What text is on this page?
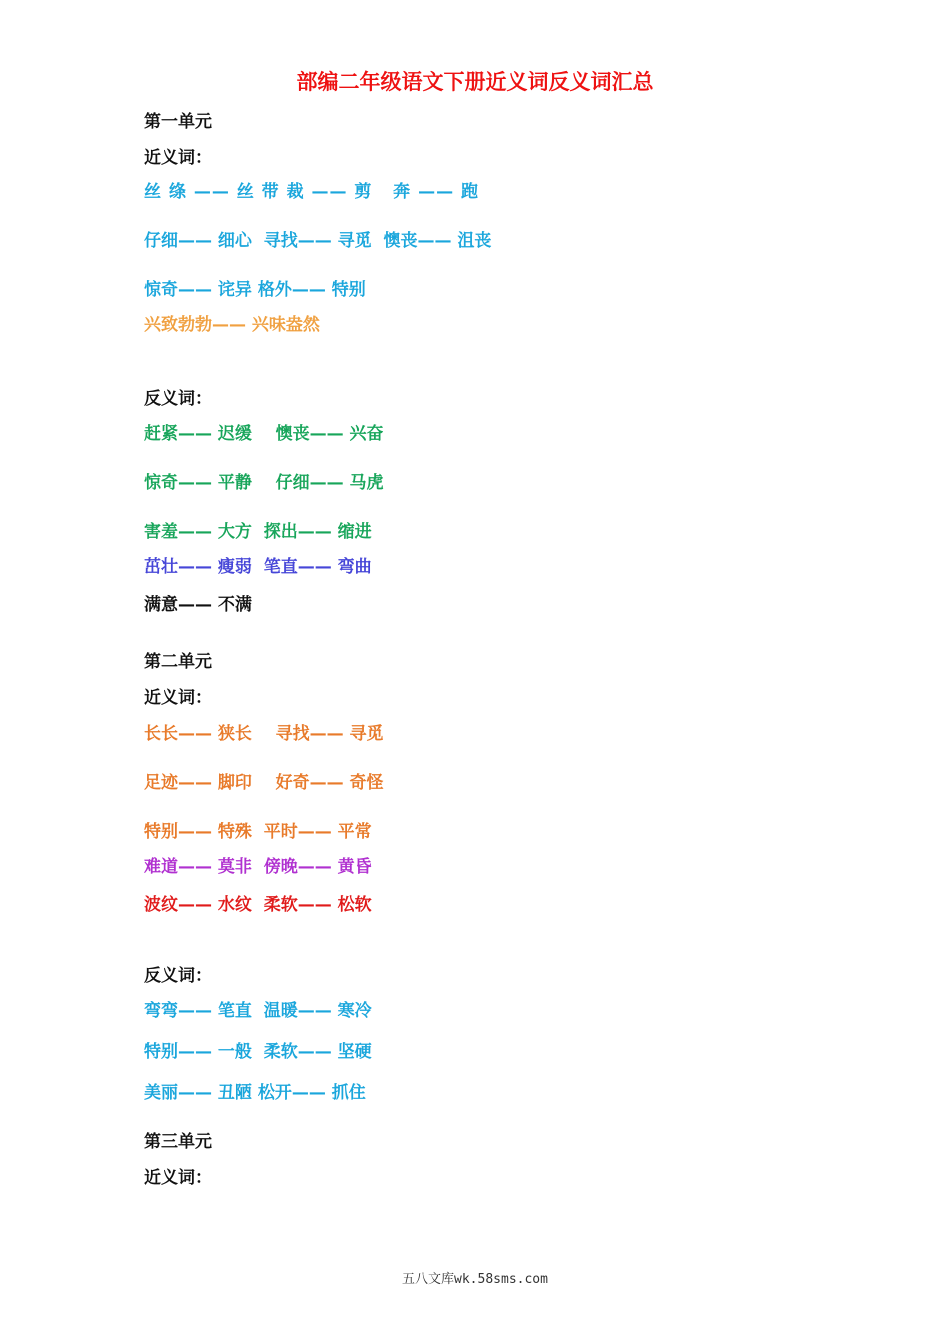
部编二年级语文下册近义词反义词汇总
第一单元
近义词：
丝 绦 —— 丝 带 裁 —— 剪   奔 —— 跑
仔细—— 细心  寻找—— 寻觅  懊丧—— 沮丧
惊奇—— 诧异 格外—— 特别
兴致勃勃—— 兴味盎然
反义词：
赶紧—— 迟缓    懊丧—— 兴奋
惊奇—— 平静    仔细—— 马虎
害羞—— 大方  探出—— 缩进
茁壮—— 瘦弱  笔直—— 弯曲
满意—— 不满
第二单元
近义词：
长长—— 狭长    寻找—— 寻觅
足迹—— 脚印    好奇—— 奇怪
特别—— 特殊  平时—— 平常
难道—— 莫非  傍晚—— 黄昏
波纹—— 水纹  柔软—— 松软
反义词：
弯弯—— 笔直  温暖—— 寒冷
特别—— 一般  柔软—— 坚硬
美丽—— 丑陋 松开—— 抓住
第三单元
近义词：
五八文库wk.58sms.com
